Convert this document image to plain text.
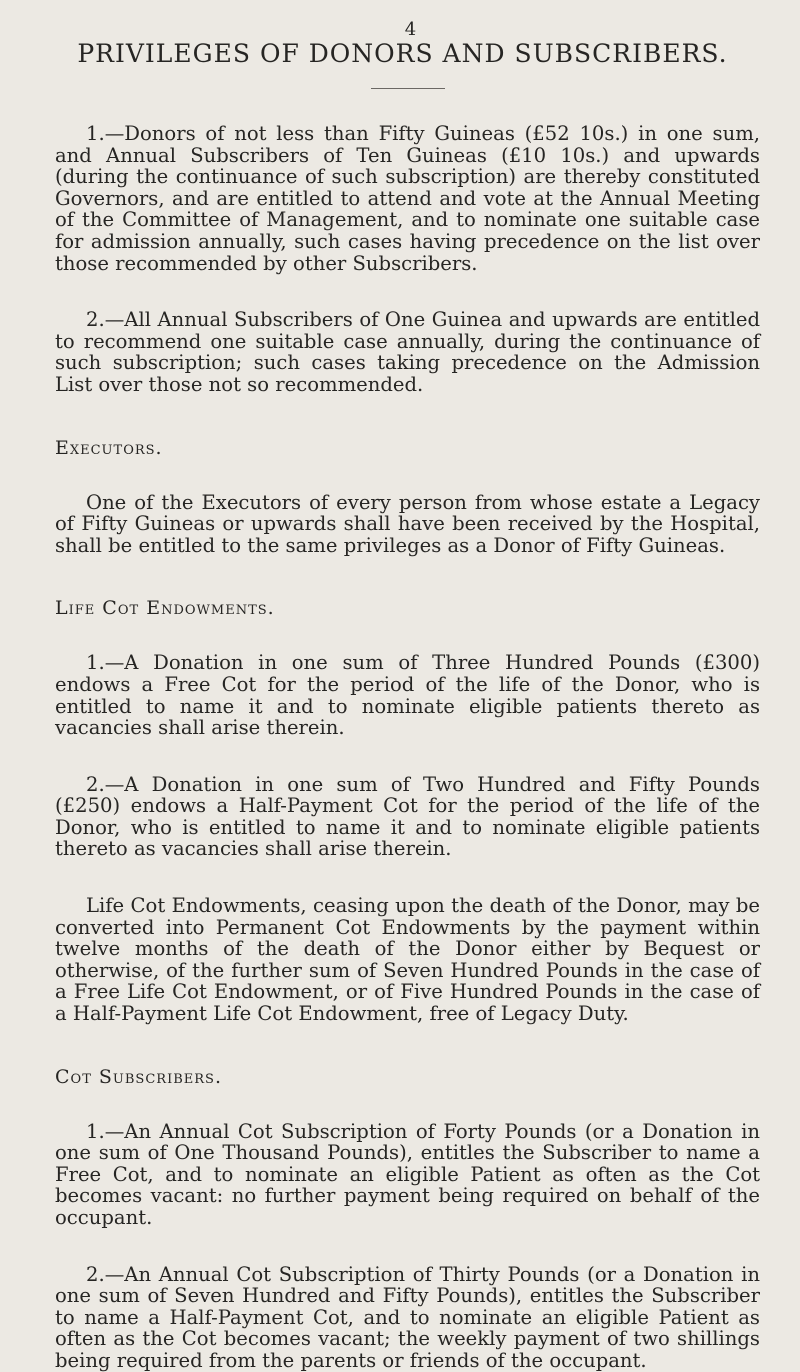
4
PRIVILEGES OF DONORS AND SUBSCRIBERS.

1.—Donors of not less than Fifty Guineas (£52 10s.) in one sum, and Annual Subscribers of Ten Guineas (£10 10s.) and upwards (during the continuance of such subscription) are thereby constituted Governors, and are entitled to attend and vote at the Annual Meeting of the Committee of Management, and to nominate one suitable case for admission annually, such cases having precedence on the list over those recommended by other Subscribers.

2.—All Annual Subscribers of One Guinea and upwards are entitled to recommend one suitable case annually, during the continuance of such subscription; such cases taking precedence on the Admission List over those not so recommended.

Executors.

One of the Executors of every person from whose estate a Legacy of Fifty Guineas or upwards shall have been received by the Hospital, shall be entitled to the same privileges as a Donor of Fifty Guineas.

Life Cot Endowments.

1.—A Donation in one sum of Three Hundred Pounds (£300) endows a Free Cot for the period of the life of the Donor, who is entitled to name it and to nominate eligible patients thereto as vacancies shall arise therein.

2.—A Donation in one sum of Two Hundred and Fifty Pounds (£250) endows a Half-Payment Cot for the period of the life of the Donor, who is entitled to name it and to nominate eligible patients thereto as vacancies shall arise therein.

Life Cot Endowments, ceasing upon the death of the Donor, may be converted into Permanent Cot Endowments by the payment within twelve months of the death of the Donor either by Bequest or otherwise, of the further sum of Seven Hundred Pounds in the case of a Free Life Cot Endowment, or of Five Hundred Pounds in the case of a Half-Payment Life Cot Endowment, free of Legacy Duty.

Cot Subscribers.

1.—An Annual Cot Subscription of Forty Pounds (or a Donation in one sum of One Thousand Pounds), entitles the Subscriber to name a Free Cot, and to nominate an eligible Patient as often as the Cot becomes vacant: no further payment being required on behalf of the occupant.

2.—An Annual Cot Subscription of Thirty Pounds (or a Donation in one sum of Seven Hundred and Fifty Pounds), entitles the Subscriber to name a Half-Payment Cot, and to nominate an eligible Patient as often as the Cot becomes vacant; the weekly payment of two shillings being required from the parents or friends of the occupant.
